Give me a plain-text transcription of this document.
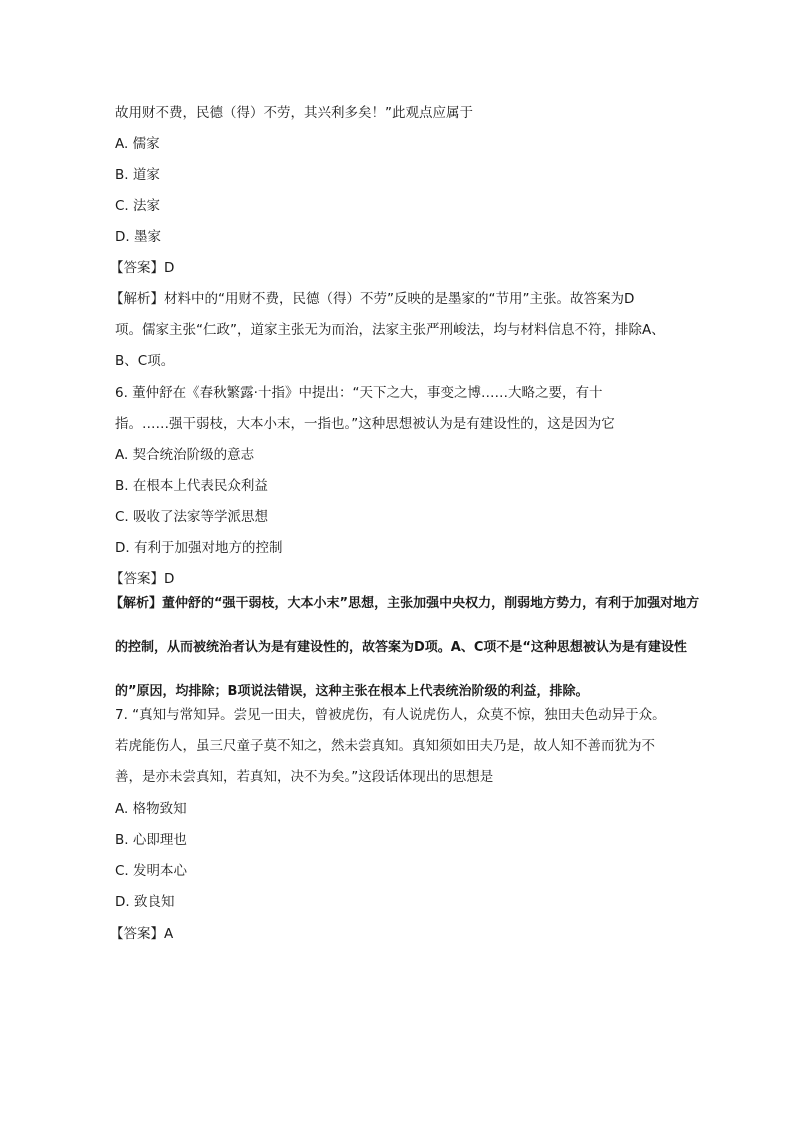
故用财不费，民德（得）不劳，其兴利多矣！”此观点应属于
A. 儒家
B. 道家
C. 法家
D. 墨家
【答案】D
【解析】材料中的“用财不费，民德（得）不劳”反映的是墨家的“节用”主张。故答案为D
项。儒家主张“仁政”，道家主张无为而治，法家主张严刑峻法，均与材料信息不符，排除A、
B、C项。
6. 董仲舒在《春秋繁露·十指》中提出：“天下之大，事变之博……大略之要，有十
指。……强干弱枝，大本小末，一指也。”这种思想被认为是有建设性的，这是因为它
A. 契合统治阶级的意志
B. 在根本上代表民众利益
C. 吸收了法家等学派思想
D. 有利于加强对地方的控制
【答案】D
【解析】董仲舒的“强干弱枝，大本小末”思想，主张加强中央权力，削弱地方势力，有利于加强对地方
的控制，从而被统治者认为是有建设性的，故答案为D项。A、C项不是“这种思想被认为是有建设性
的”原因，均排除；B项说法错误，这种主张在根本上代表统治阶级的利益，排除。
7. “真知与常知异。尝见一田夫，曾被虎伤，有人说虎伤人，众莫不惊，独田夫色动异于众。
若虎能伤人，虽三尺童子莫不知之，然未尝真知。真知须如田夫乃是，故人知不善而犹为不
善，是亦未尝真知，若真知，决不为矣。”这段话体现出的思想是
A. 格物致知
B. 心即理也
C. 发明本心
D. 致良知
【答案】A
